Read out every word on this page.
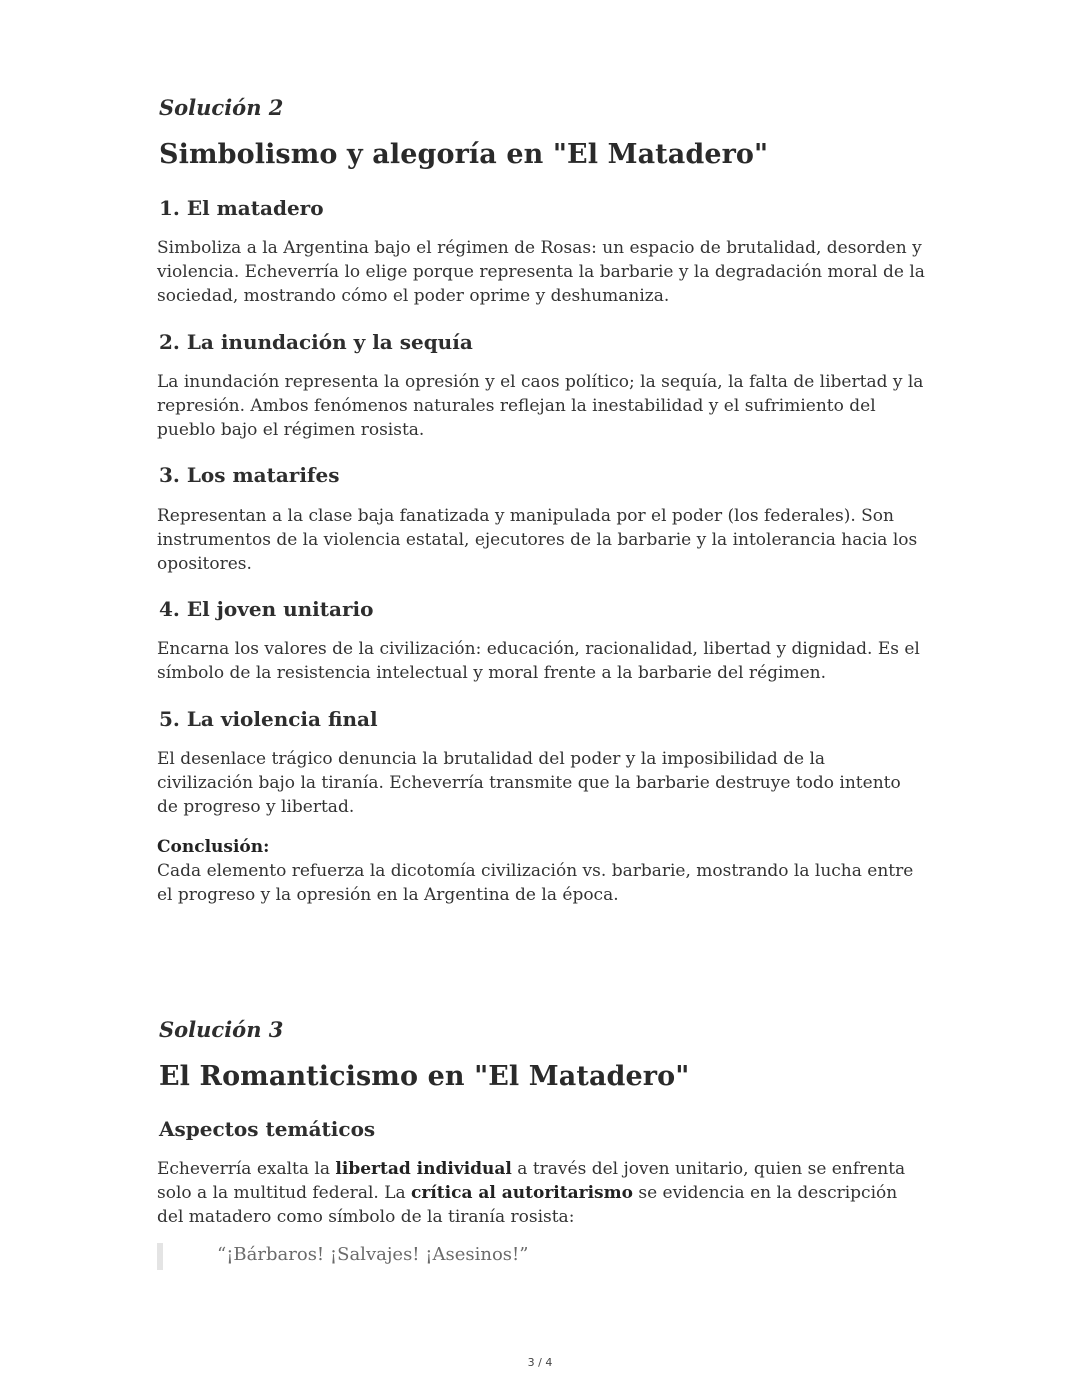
Solución 2
Simbolismo y alegoría en "El Matadero"
1. El matadero
Simboliza a la Argentina bajo el régimen de Rosas: un espacio de brutalidad, desorden y violencia. Echeverría lo elige porque representa la barbarie y la degradación moral de la sociedad, mostrando cómo el poder oprime y deshumaniza.
2. La inundación y la sequía
La inundación representa la opresión y el caos político; la sequía, la falta de libertad y la represión. Ambos fenómenos naturales reflejan la inestabilidad y el sufrimiento del pueblo bajo el régimen rosista.
3. Los matarifes
Representan a la clase baja fanatizada y manipulada por el poder (los federales). Son instrumentos de la violencia estatal, ejecutores de la barbarie y la intolerancia hacia los opositores.
4. El joven unitario
Encarna los valores de la civilización: educación, racionalidad, libertad y dignidad. Es el símbolo de la resistencia intelectual y moral frente a la barbarie del régimen.
5. La violencia final
El desenlace trágico denuncia la brutalidad del poder y la imposibilidad de la civilización bajo la tiranía. Echeverría transmite que la barbarie destruye todo intento de progreso y libertad.
Conclusión:
Cada elemento refuerza la dicotomía civilización vs. barbarie, mostrando la lucha entre el progreso y la opresión en la Argentina de la época.
Solución 3
El Romanticismo en "El Matadero"
Aspectos temáticos
Echeverría exalta la libertad individual a través del joven unitario, quien se enfrenta solo a la multitud federal. La crítica al autoritarismo se evidencia en la descripción del matadero como símbolo de la tiranía rosista:
“¡Bárbaros! ¡Salvajes! ¡Asesinos!”
3 / 4
